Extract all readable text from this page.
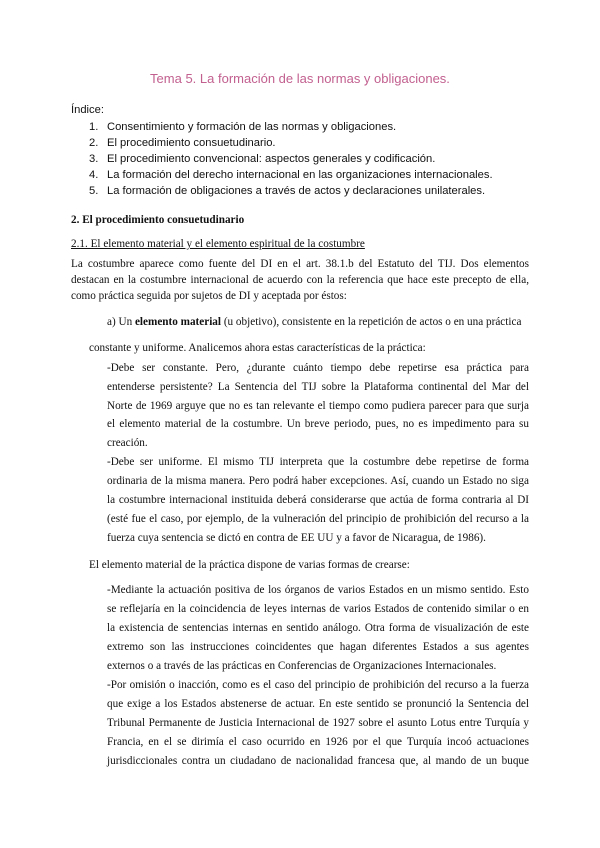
Tema 5. La formación de las normas y obligaciones.
Índice:
1. Consentimiento y formación de las normas y obligaciones.
2. El procedimiento consuetudinario.
3. El procedimiento convencional: aspectos generales y codificación.
4. La formación del derecho internacional en las organizaciones internacionales.
5. La formación de obligaciones a través de actos y declaraciones unilaterales.
2. El procedimiento consuetudinario
2.1. El elemento material y el elemento espiritual de la costumbre
La costumbre aparece como fuente del DI en el art. 38.1.b del Estatuto del TIJ. Dos elementos
destacan en la costumbre internacional de acuerdo con la referencia que hace este precepto de ella,
como práctica seguida por sujetos de DI y aceptada por éstos:
a) Un elemento material (u objetivo), consistente en la repetición de actos o en una práctica
constante y uniforme. Analicemos ahora estas características de la práctica:
-Debe ser constante. Pero, ¿durante cuánto tiempo debe repetirse esa práctica para
entenderse persistente? La Sentencia del TIJ sobre la Plataforma continental del Mar del
Norte de 1969 arguye que no es tan relevante el tiempo como pudiera parecer para que surja
el elemento material de la costumbre. Un breve periodo, pues, no es impedimento para su
creación.
-Debe ser uniforme. El mismo TIJ interpreta que la costumbre debe repetirse de forma
ordinaria de la misma manera. Pero podrá haber excepciones. Así, cuando un Estado no siga
la costumbre internacional instituida deberá considerarse que actúa de forma contraria al DI
(esté fue el caso, por ejemplo, de la vulneración del principio de prohibición del recurso a la
fuerza cuya sentencia se dictó en contra de EE UU y a favor de Nicaragua, de 1986).
El elemento material de la práctica dispone de varias formas de crearse:
-Mediante la actuación positiva de los órganos de varios Estados en un mismo sentido. Esto
se reflejaría en la coincidencia de leyes internas de varios Estados de contenido similar o en
la existencia de sentencias internas en sentido análogo. Otra forma de visualización de este
extremo son las instrucciones coincidentes que hagan diferentes Estados a sus agentes
externos o a través de las prácticas en Conferencias de Organizaciones Internacionales.
-Por omisión o inacción, como es el caso del principio de prohibición del recurso a la fuerza
que exige a los Estados abstenerse de actuar. En este sentido se pronunció la Sentencia del
Tribunal Permanente de Justicia Internacional de 1927 sobre el asunto Lotus entre Turquía y
Francia, en el se dirimía el caso ocurrido en 1926 por el que Turquía incoó actuaciones
jurisdiccionales contra un ciudadano de nacionalidad francesa que, al mando de un buque
